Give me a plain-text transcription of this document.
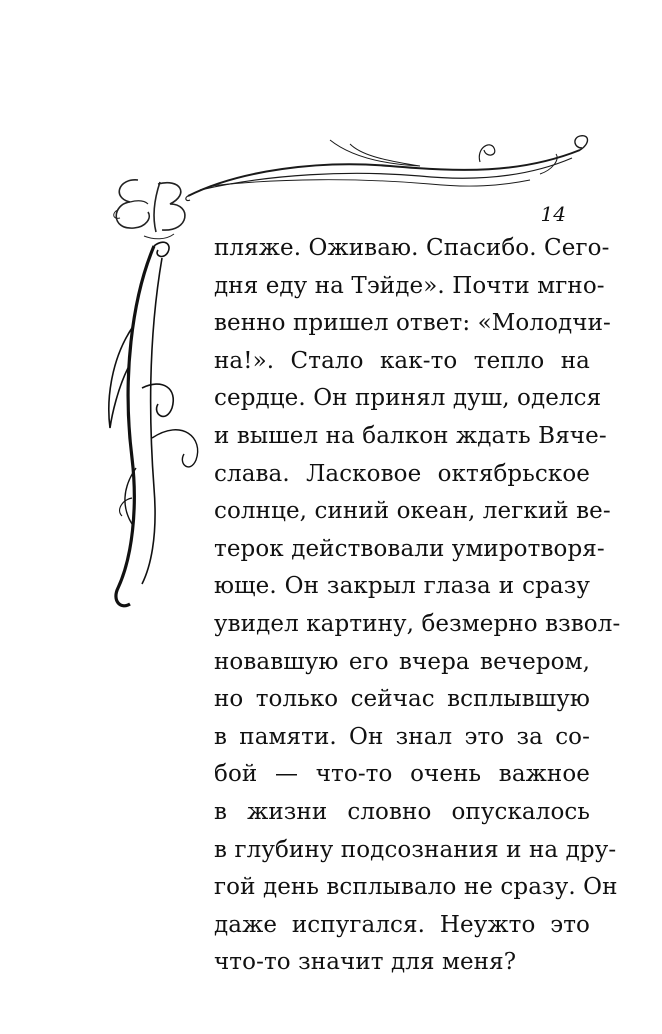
14
пляже. Оживаю. Спасибо. Сего-
дня еду на Тэйде». Почти мгно-
венно пришел ответ: «Молодчи-
на!». Стало как-то тепло на
сердце. Он принял душ, оделся
и вышел на балкон ждать Вяче-
слава. Ласковое октябрьское
солнце, синий океан, легкий ве-
терок действовали умиротворя-
юще. Он закрыл глаза и сразу
увидел картину, безмерно взвол-
новавшую его вчера вечером,
но только сейчас всплывшую
в памяти. Он знал это за со-
бой — что-то очень важное
в жизни словно опускалось
в глубину подсознания и на дру-
гой день всплывало не сразу. Он
даже испугался. Неужто это
что-то значит для меня?
